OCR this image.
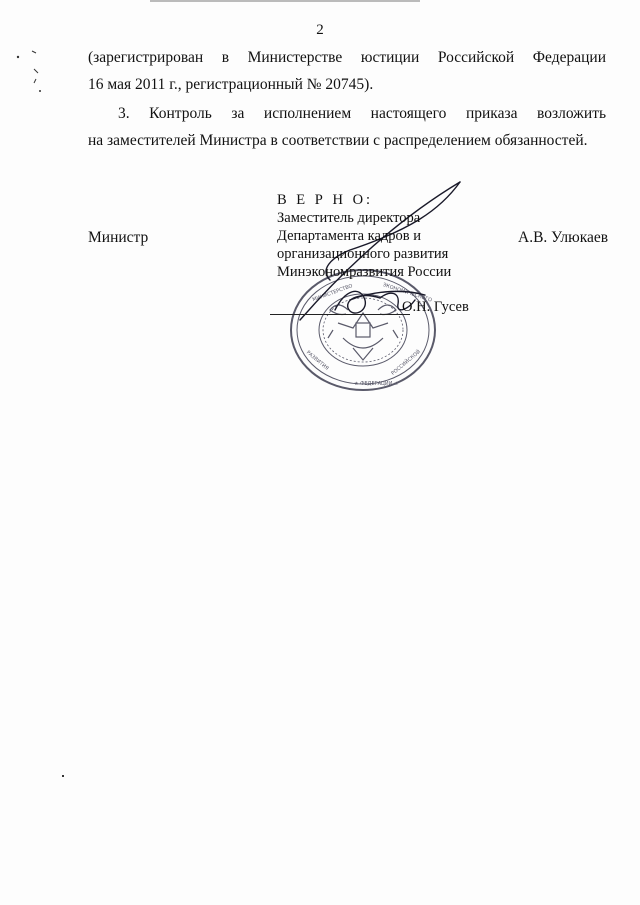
2
(зарегистрирован в Министерстве юстиции Российской Федерации
16 мая 2011 г., регистрационный № 20745).
3. Контроль за исполнением настоящего приказа возложить
на заместителей Министра в соответствии с распределением обязанностей.
МИНИСТЕРСТВО	ЭКОНОМИЧЕСКОГО
РАЗВИТИЯ	РОССИЙСКОЙ
★ ФЕДЕРАЦИИ ★
В Е Р Н О:
Заместитель директора
Департамента кадров и
организационного развития
Минэкономразвития России
О.Н. Гусев
Министр	А.В. Улюкаев
